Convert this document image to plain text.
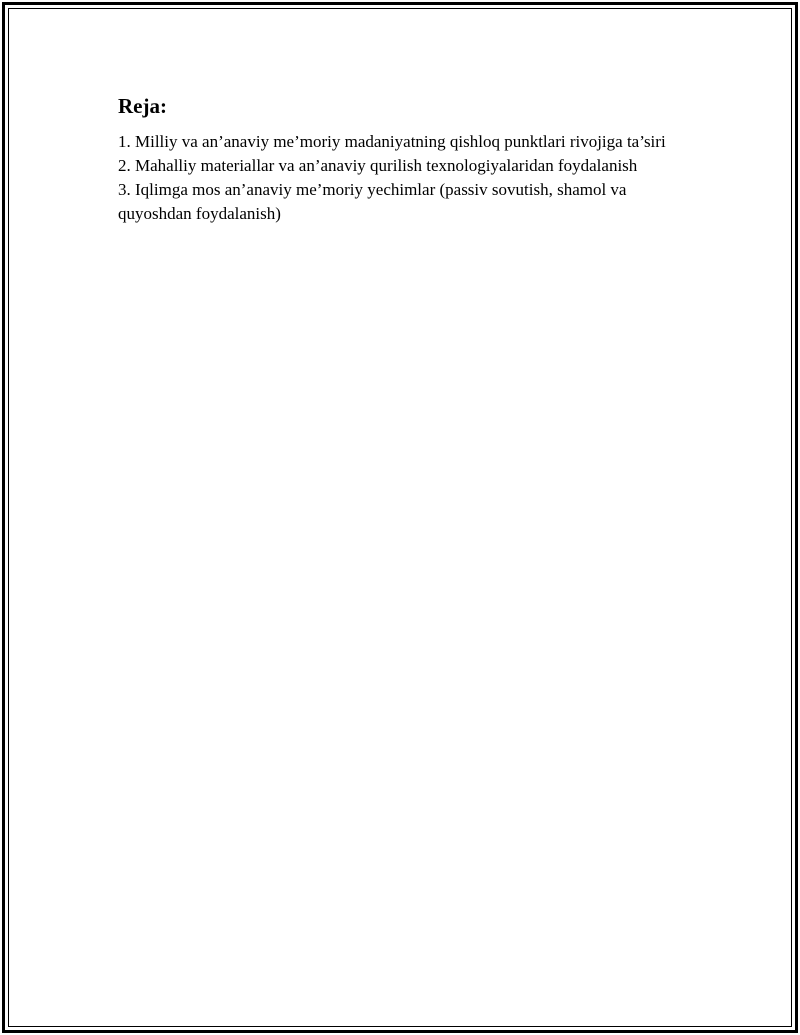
Reja:
1. Milliy va an’anaviy me’moriy madaniyatning qishloq punktlari rivojiga ta’siri
2. Mahalliy materiallar va an’anaviy qurilish texnologiyalaridan foydalanish
3. Iqlimga mos an’anaviy me’moriy yechimlar (passiv sovutish, shamol va quyoshdan foydalanish)
